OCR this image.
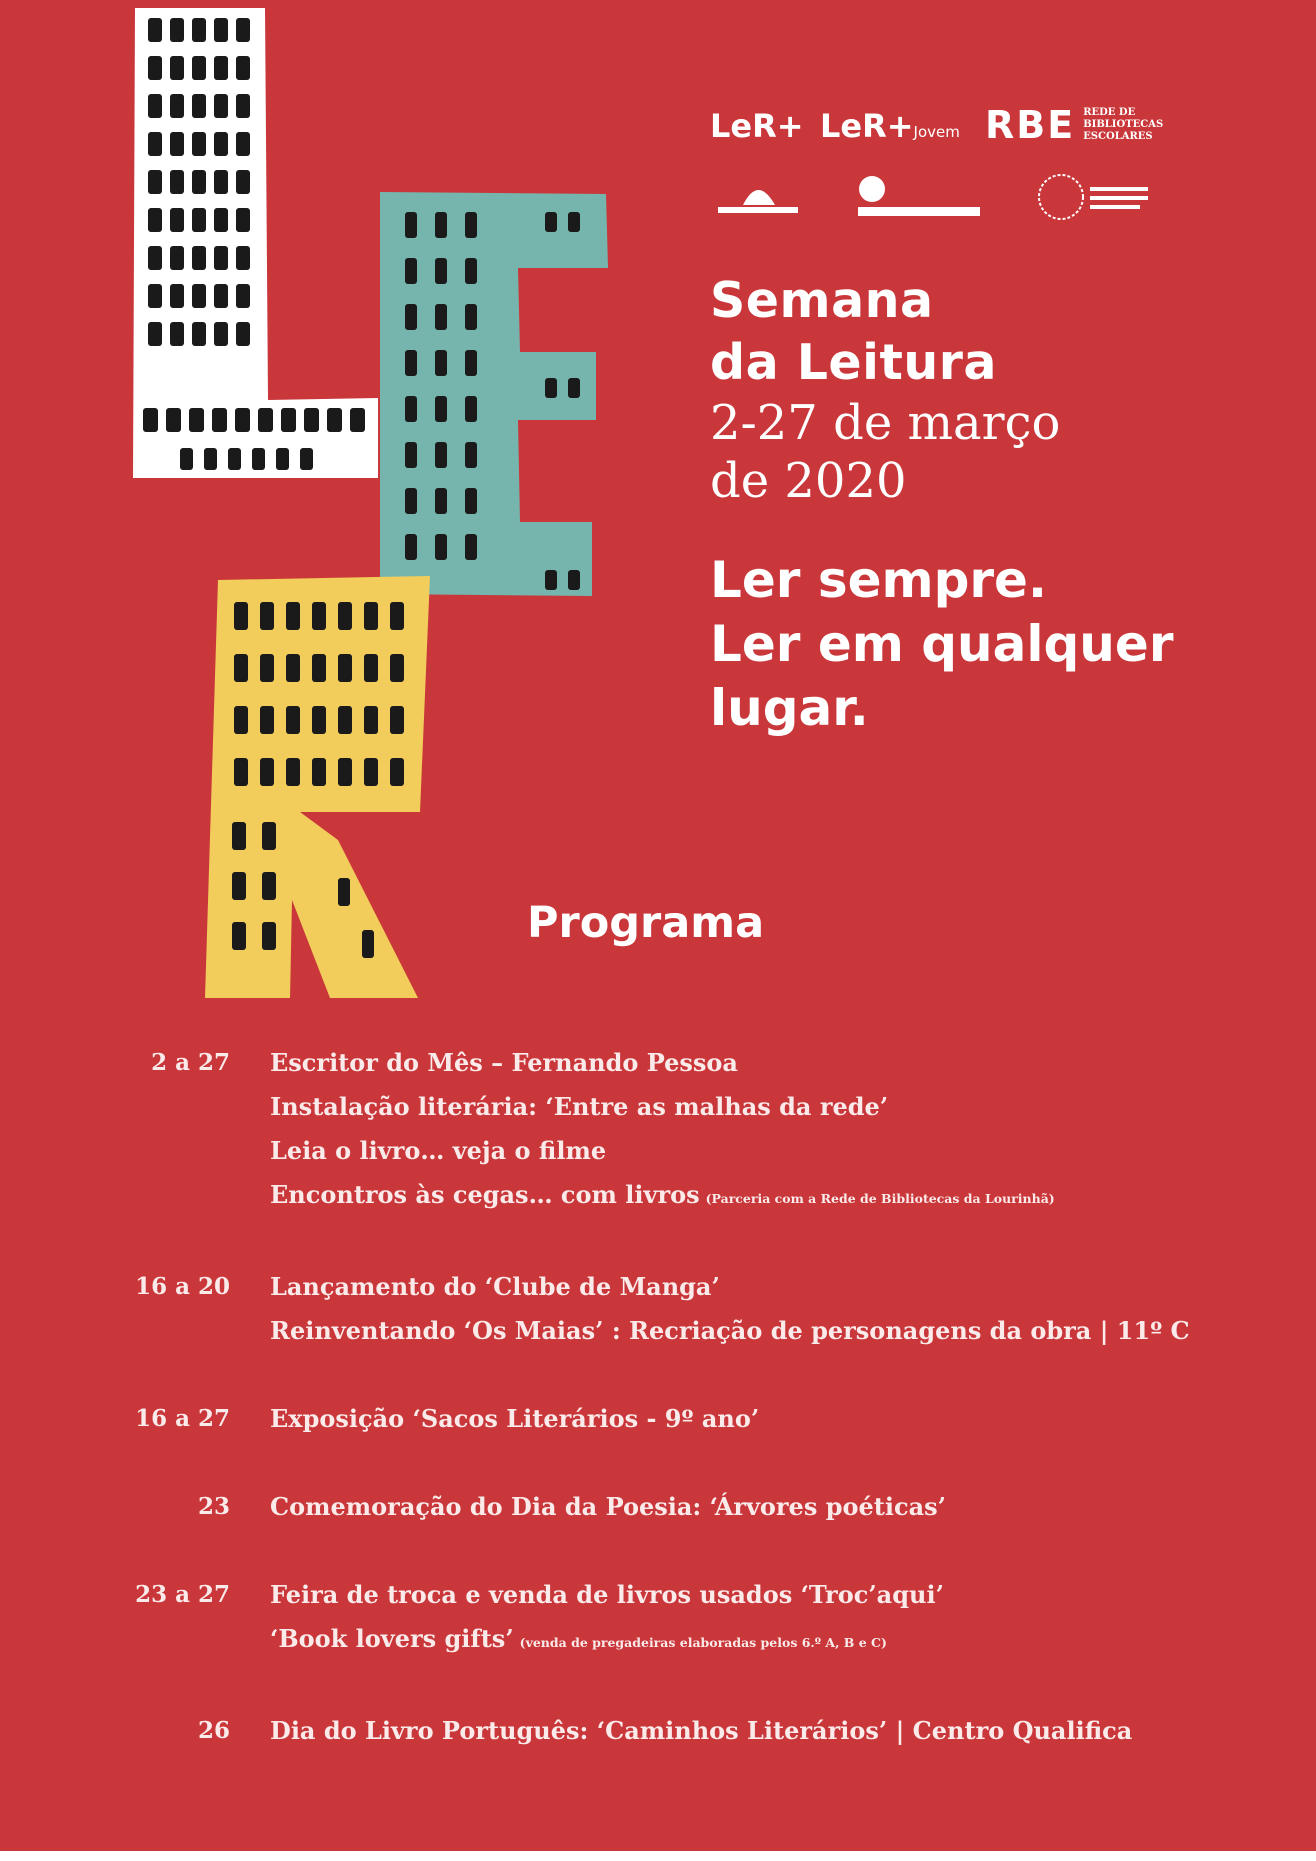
LeR+ LeR+Jovem RBE REDE DE BIBLIOTECAS ESCOLARES
Semana
da Leitura
2-27 de março
de 2020
Ler sempre.
Ler em qualquer
lugar.
Programa
2 a 27	Escritor do Mês – Fernando Pessoa
Instalação literária: ‘Entre as malhas da rede’
Leia o livro… veja o filme
Encontros às cegas… com livros (Parceria com a Rede de Bibliotecas da Lourinhã)
16 a 20	Lançamento do ‘Clube de Manga’
Reinventando ‘Os Maias’ : Recriação de personagens da obra | 11º C
16 a 27	Exposição ‘Sacos Literários - 9º ano’
23	Comemoração do Dia da Poesia: ‘Árvores poéticas’
23 a 27	Feira de troca e venda de livros usados ‘Troc’aqui’
‘Book lovers gifts’ (venda de pregadeiras elaboradas pelos 6.º A, B e C)
26	Dia do Livro Português: ‘Caminhos Literários’ | Centro Qualifica
